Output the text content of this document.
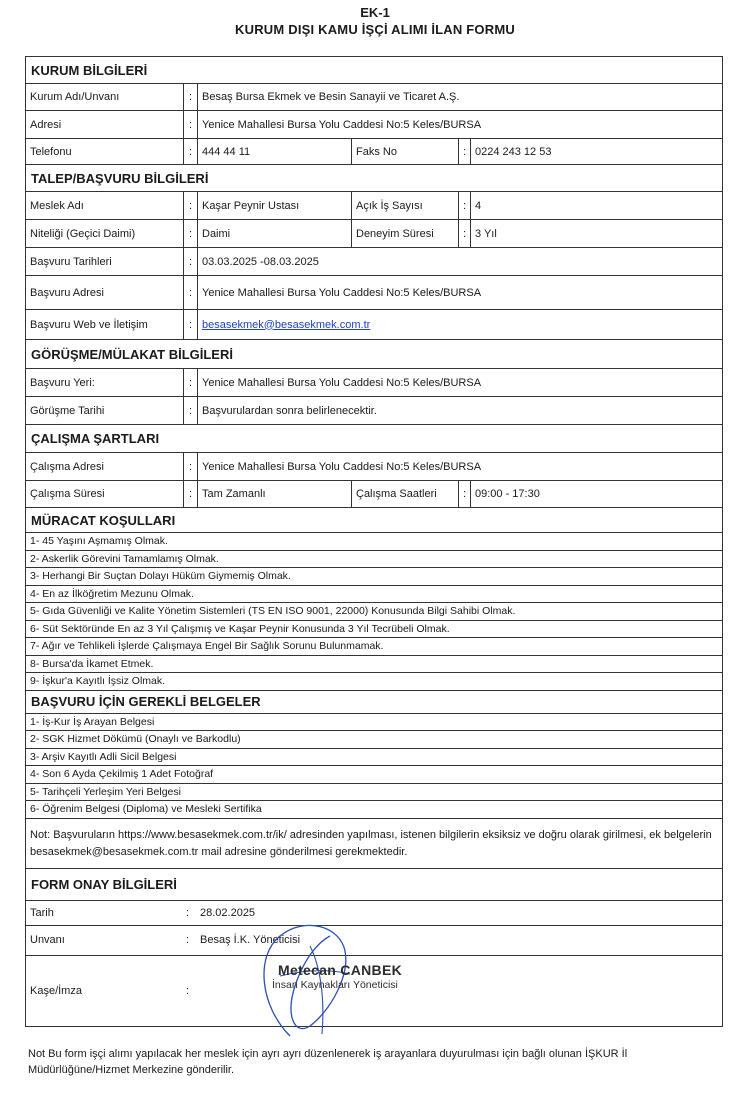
EK-1
KURUM DIŞI KAMU İŞÇİ ALIMI İLAN FORMU
KURUM BİLGİLERİ
Kurum Adı/Unvanı	: Besaş Bursa Ekmek ve Besin Sanayii ve Ticaret A.Ş.
Adresi	: Yenice Mahallesi Bursa Yolu Caddesi No:5 Keles/BURSA
Telefonu	: 444 44 11	Faks No	: 0224 243 12 53
TALEP/BAŞVURU BİLGİLERİ
Meslek Adı	: Kaşar Peynir Ustası	Açık İş Sayısı	: 4
Niteliği (Geçici Daimi)	: Daimi	Deneyim Süresi	: 3 Yıl
Başvuru Tarihleri	: 03.03.2025 -08.03.2025
Başvuru Adresi	: Yenice Mahallesi Bursa Yolu Caddesi No:5 Keles/BURSA
Başvuru Web ve İletişim	: besasekmek@besasekmek.com.tr
GÖRÜŞME/MÜLAKAT BİLGİLERİ
Başvuru Yeri:	: Yenice Mahallesi Bursa Yolu Caddesi No:5 Keles/BURSA
Görüşme Tarihi	: Başvurulardan sonra belirlenecektir.
ÇALIŞMA ŞARTLARI
Çalışma Adresi	: Yenice Mahallesi Bursa Yolu Caddesi No:5 Keles/BURSA
Çalışma Süresi	: Tam Zamanlı	Çalışma Saatleri	: 09:00 - 17:30
MÜRACAT KOŞULLARI
1- 45 Yaşını Aşmamış Olmak.
2- Askerlik Görevini Tamamlamış Olmak.
3- Herhangi Bir Suçtan Dolayı Hüküm Giymemiş Olmak.
4- En az İlköğretim Mezunu Olmak.
5- Gıda Güvenliği ve Kalite Yönetim Sistemleri (TS EN ISO 9001, 22000) Konusunda Bilgi Sahibi Olmak.
6- Süt Sektöründe En az 3 Yıl Çalışmış ve Kaşar Peynir Konusunda 3 Yıl Tecrübeli Olmak.
7- Ağır ve Tehlikeli İşlerde Çalışmaya Engel Bir Sağlık Sorunu Bulunmamak.
8- Bursa'da İkamet Etmek.
9- İşkur'a Kayıtlı İşsiz Olmak.
BAŞVURU İÇİN GEREKLİ BELGELER
1- İş-Kur İş Arayan Belgesi
2- SGK Hizmet Dökümü (Onaylı ve Barkodlu)
3- Arşiv Kayıtlı Adli Sicil Belgesi
4- Son 6 Ayda Çekilmiş 1 Adet Fotoğraf
5- Tarihçeli Yerleşim Yeri Belgesi
6- Öğrenim Belgesi (Diploma) ve Mesleki Sertifika
Not: Başvuruların https://www.besasekmek.com.tr/ik/ adresinden yapılması, istenen bilgilerin eksiksiz ve doğru olarak girilmesi, ek belgelerin besasekmek@besasekmek.com.tr mail adresine gönderilmesi gerekmektedir.
FORM ONAY BİLGİLERİ
Tarih	: 28.02.2025
Unvanı	: Besaş İ.K. Yöneticisi
Kaşe/İmza	:
Metecan CANBEK
İnsan Kaynakları Yöneticisi
Not Bu form işçi alımı yapılacak her meslek için ayrı ayrı düzenlenerek iş arayanlara duyurulması için bağlı olunan İŞKUR İl Müdürlüğüne/Hizmet Merkezine gönderilir.
